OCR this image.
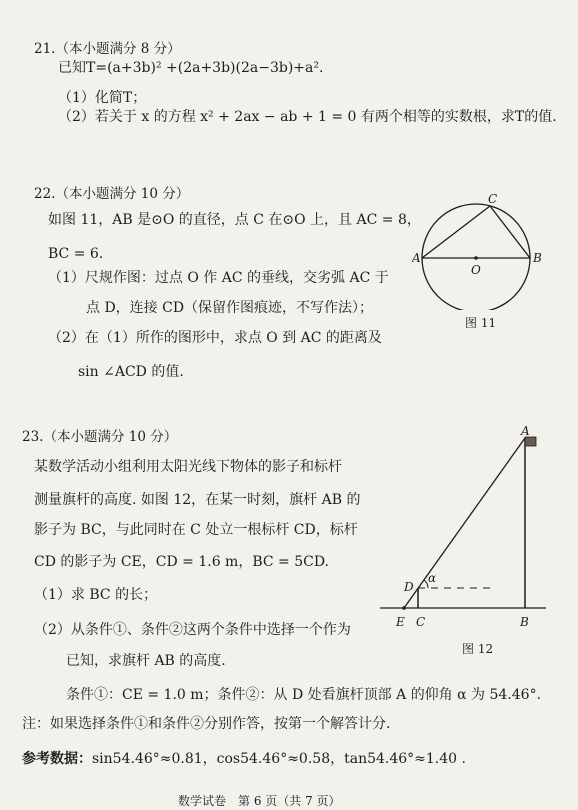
21.（本小题满分 8 分）
已知T=(a+3b)² +(2a+3b)(2a−3b)+a².
（1）化简T；
（2）若关于 x 的方程 x² + 2ax − ab + 1 = 0 有两个相等的实数根，求T的值.
22.（本小题满分 10 分）
如图 11，AB 是⊙O 的直径，点 C 在⊙O 上，且 AC = 8，
BC = 6.
（1）尺规作图：过点 O 作 AC 的垂线，交劣弧 AC 于
点 D，连接 CD（保留作图痕迹，不写作法）；
（2）在（1）所作的图形中，求点 O 到 AC 的距离及
sin ∠ACD 的值.
A	B
C
O
图 11
23.（本小题满分 10 分）
某数学活动小组利用太阳光线下物体的影子和标杆
测量旗杆的高度. 如图 12，在某一时刻，旗杆 AB 的
影子为 BC，与此同时在 C 处立一根标杆 CD，标杆
CD 的影子为 CE，CD = 1.6 m，BC = 5CD.
（1）求 BC 的长；
（2）从条件①、条件②这两个条件中选择一个作为
已知，求旗杆 AB 的高度.
条件①：CE = 1.0 m；条件②：从 D 处看旗杆顶部 A 的仰角 α 为 54.46°.
注：如果选择条件①和条件②分别作答，按第一个解答计分.
参考数据：sin54.46°≈0.81，cos54.46°≈0.58，tan54.46°≈1.40 .
A
B
C
D
E
α
图 12
数学试卷　第 6 页（共 7 页）
